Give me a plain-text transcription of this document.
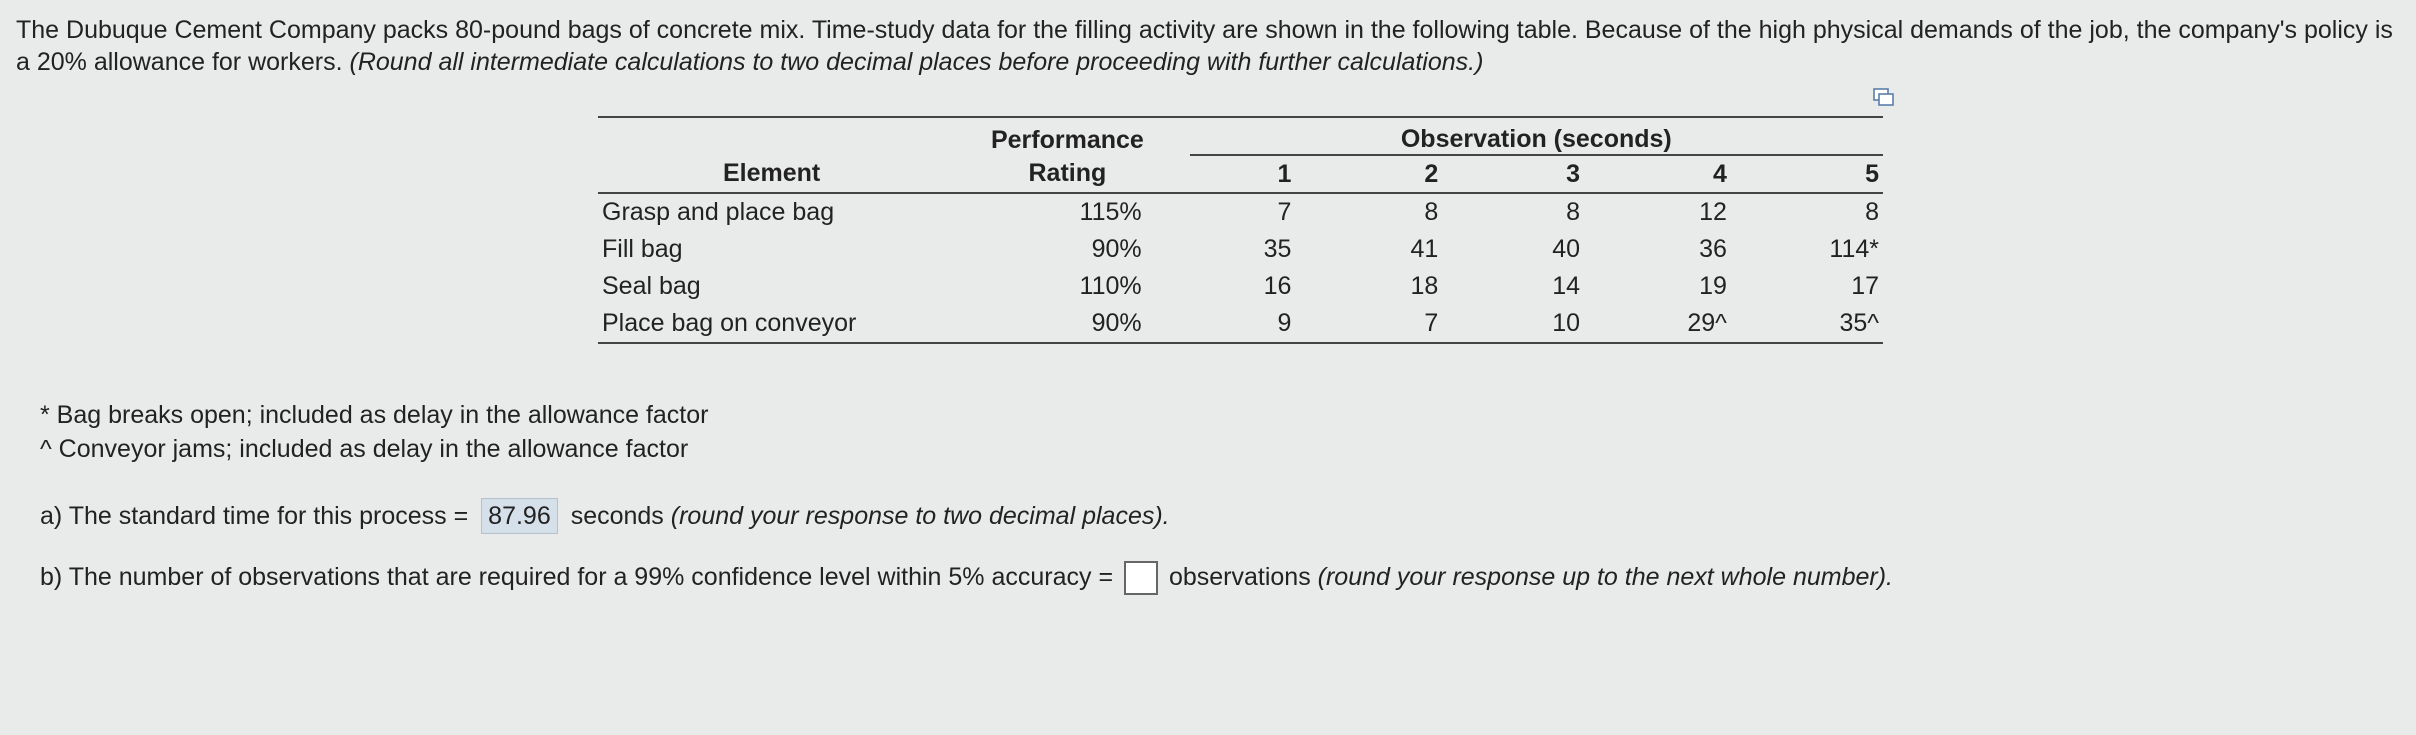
The Dubuque Cement Company packs 80-pound bags of concrete mix. Time-study data for the filling activity are shown in the following table. Because of the high physical demands of the job, the company's policy is a 20% allowance for workers. (Round all intermediate calculations to two decimal places before proceeding with further calculations.)
	Performance	Observation (seconds)				
Element	Rating	1	2	3	4	5
Grasp and place bag	115%	7	8	8	12	8
Fill bag	90%	35	41	40	36	114*
Seal bag	110%	16	18	14	19	17
Place bag on conveyor	90%	9	7	10	29^	35^
* Bag breaks open; included as delay in the allowance factor
^ Conveyor jams; included as delay in the allowance factor
a) The standard time for this process = 87.96 seconds (round your response to two decimal places).
b) The number of observations that are required for a 99% confidence level within 5% accuracy = observations (round your response up to the next whole number).
